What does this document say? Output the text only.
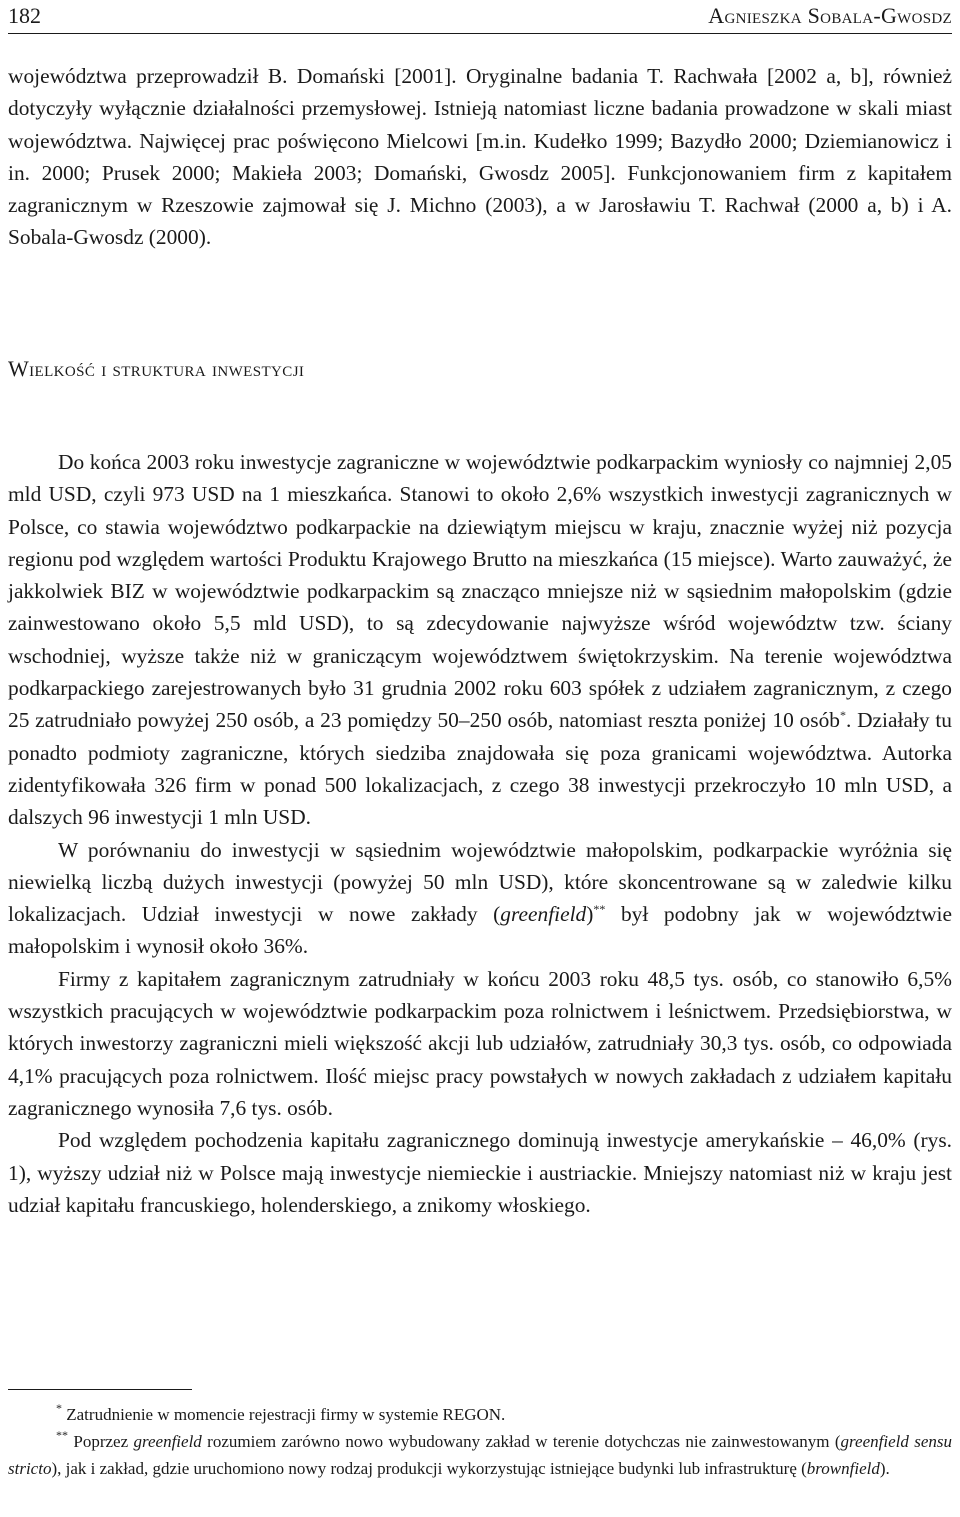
182	Agnieszka Sobala-Gwosdz

województwa przeprowadził B. Domański [2001]. Oryginalne badania T. Rachwała [2002 a, b], również dotyczyły wyłącznie działalności przemysłowej. Istnieją natomiast liczne badania prowadzone w skali miast województwa. Najwięcej prac poświęcono Mielcowi [m.in. Kudełko 1999; Bazydło 2000; Dziemianowicz i in. 2000; Prusek 2000; Makieła 2003; Domański, Gwosdz 2005]. Funkcjonowaniem firm z kapitałem zagranicznym w Rzeszowie zajmował się J. Michno (2003), a w Jarosławiu T. Rachwał (2000 a, b) i A. Sobala-Gwosdz (2000).

Wielkość i struktura inwestycji

Do końca 2003 roku inwestycje zagraniczne w województwie podkarpackim wyniosły co najmniej 2,05 mld USD, czyli 973 USD na 1 mieszkańca. Stanowi to około 2,6% wszystkich inwestycji zagranicznych w Polsce, co stawia województwo podkarpackie na dziewiątym miejscu w kraju, znacznie wyżej niż pozycja regionu pod względem wartości Produktu Krajowego Brutto na mieszkańca (15 miejsce). Warto zauważyć, że jakkolwiek BIZ w województwie podkarpackim są znacząco mniejsze niż w sąsiednim małopolskim (gdzie zainwestowano około 5,5 mld USD), to są zdecydowanie najwyższe wśród województw tzw. ściany wschodniej, wyższe także niż w graniczącym województwem świętokrzyskim. Na terenie województwa podkarpackiego zarejestrowanych było 31 grudnia 2002 roku 603 spółek z udziałem zagranicznym, z czego 25 zatrudniało powyżej 250 osób, a 23 pomiędzy 50–250 osób, natomiast reszta poniżej 10 osób*. Działały tu ponadto podmioty zagraniczne, których siedziba znajdowała się poza granicami województwa. Autorka zidentyfikowała 326 firm w ponad 500 lokalizacjach, z czego 38 inwestycji przekroczyło 10 mln USD, a dalszych 96 inwestycji 1 mln USD.

W porównaniu do inwestycji w sąsiednim województwie małopolskim, podkarpackie wyróżnia się niewielką liczbą dużych inwestycji (powyżej 50 mln USD), które skoncentrowane są w zaledwie kilku lokalizacjach. Udział inwestycji w nowe zakłady (greenfield)** był podobny jak w województwie małopolskim i wynosił około 36%.

Firmy z kapitałem zagranicznym zatrudniały w końcu 2003 roku 48,5 tys. osób, co stanowiło 6,5% wszystkich pracujących w województwie podkarpackim poza rolnictwem i leśnictwem. Przedsiębiorstwa, w których inwestorzy zagraniczni mieli większość akcji lub udziałów, zatrudniały 30,3 tys. osób, co odpowiada 4,1% pracujących poza rolnictwem. Ilość miejsc pracy powstałych w nowych zakładach z udziałem kapitału zagranicznego wynosiła 7,6 tys. osób.

Pod względem pochodzenia kapitału zagranicznego dominują inwestycje amerykańskie – 46,0% (rys. 1), wyższy udział niż w Polsce mają inwestycje niemieckie i austriackie. Mniejszy natomiast niż w kraju jest udział kapitału francuskiego, holenderskiego, a znikomy włoskiego.

* Zatrudnienie w momencie rejestracji firmy w systemie REGON.

** Poprzez greenfield rozumiem zarówno nowo wybudowany zakład w terenie dotychczas nie zainwestowanym (greenfield sensu stricto), jak i zakład, gdzie uruchomiono nowy rodzaj produkcji wykorzystując istniejące budynki lub infrastrukturę (brownfield).
